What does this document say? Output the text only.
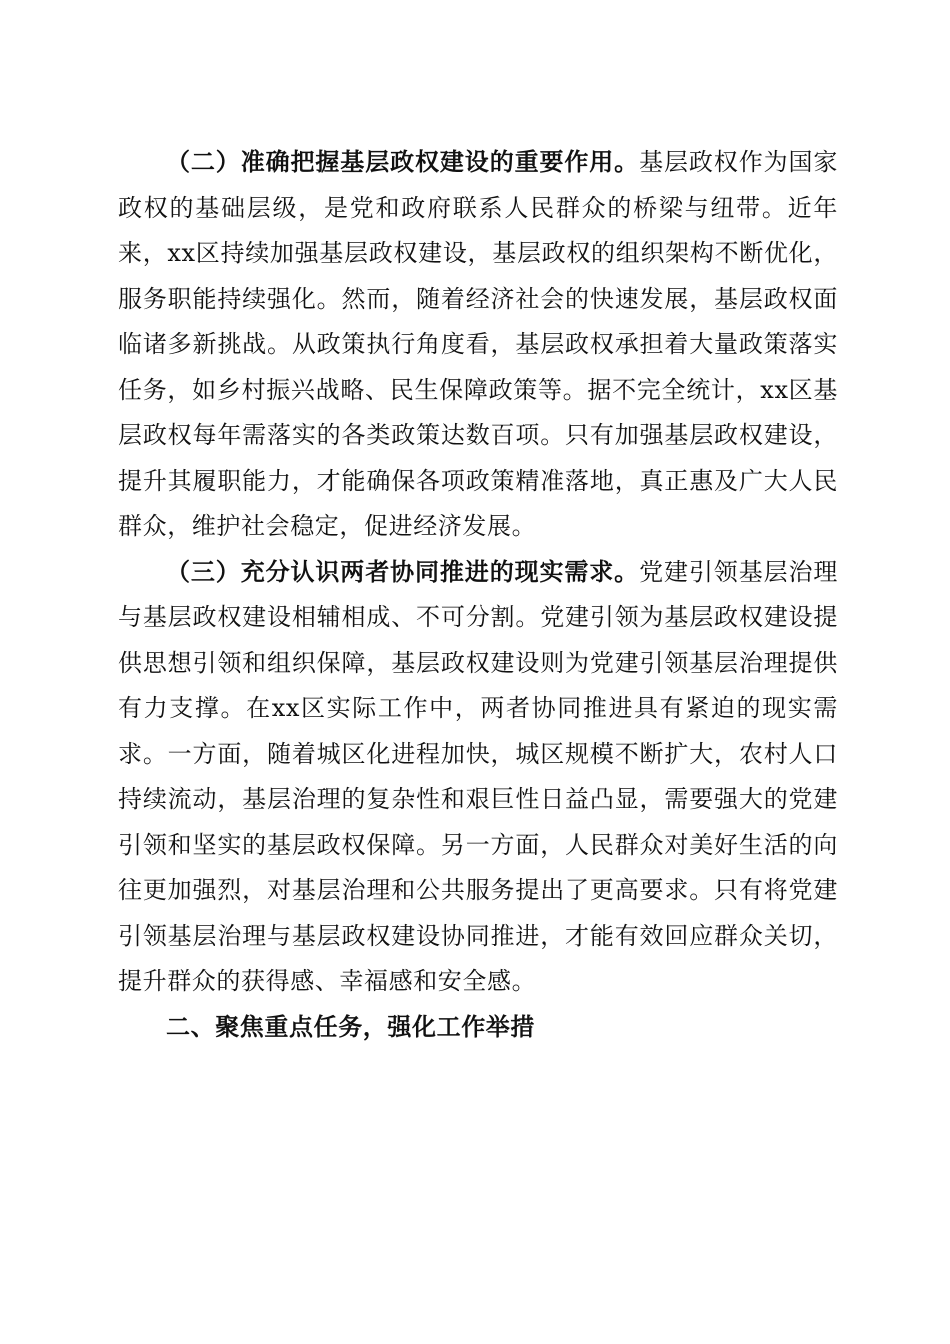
（二）准确把握基层政权建设的重要作用。基层政权作为国家政权的基础层级，是党和政府联系人民群众的桥梁与纽带。近年来，xx区持续加强基层政权建设，基层政权的组织架构不断优化，服务职能持续强化。然而，随着经济社会的快速发展，基层政权面临诸多新挑战。从政策执行角度看，基层政权承担着大量政策落实任务，如乡村振兴战略、民生保障政策等。据不完全统计，xx区基层政权每年需落实的各类政策达数百项。只有加强基层政权建设，提升其履职能力，才能确保各项政策精准落地，真正惠及广大人民群众，维护社会稳定，促进经济发展。

（三）充分认识两者协同推进的现实需求。党建引领基层治理与基层政权建设相辅相成、不可分割。党建引领为基层政权建设提供思想引领和组织保障，基层政权建设则为党建引领基层治理提供有力支撑。在xx区实际工作中，两者协同推进具有紧迫的现实需求。一方面，随着城区化进程加快，城区规模不断扩大，农村人口持续流动，基层治理的复杂性和艰巨性日益凸显，需要强大的党建引领和坚实的基层政权保障。另一方面，人民群众对美好生活的向往更加强烈，对基层治理和公共服务提出了更高要求。只有将党建引领基层治理与基层政权建设协同推进，才能有效回应群众关切，提升群众的获得感、幸福感和安全感。

二、聚焦重点任务，强化工作举措
